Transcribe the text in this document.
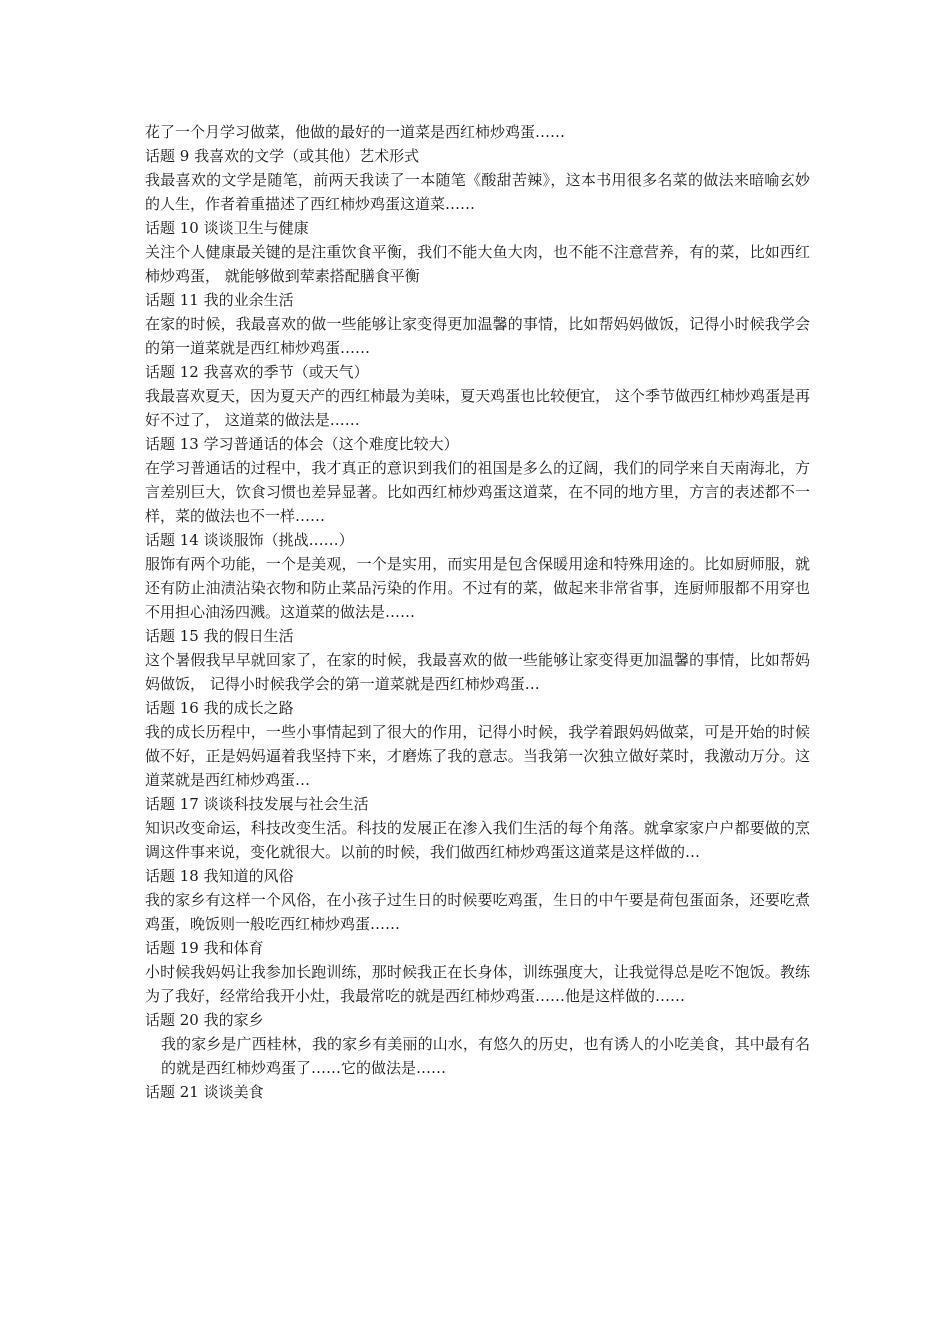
花了一个月学习做菜，他做的最好的一道菜是西红柿炒鸡蛋……

话题 9 我喜欢的文学（或其他）艺术形式

我最喜欢的文学是随笔，前两天我读了一本随笔《酸甜苦辣》，这本书用很多名菜的做法来暗喻玄妙的人生，作者着重描述了西红柿炒鸡蛋这道菜……

话题 10 谈谈卫生与健康

关注个人健康最关键的是注重饮食平衡，我们不能大鱼大肉，也不能不注意营养，有的菜，比如西红柿炒鸡蛋， 就能够做到荤素搭配膳食平衡

话题 11 我的业余生活

在家的时候，我最喜欢的做一些能够让家变得更加温馨的事情，比如帮妈妈做饭，记得小时候我学会的第一道菜就是西红柿炒鸡蛋……

话题 12 我喜欢的季节（或天气）

我最喜欢夏天，因为夏天产的西红柿最为美味，夏天鸡蛋也比较便宜， 这个季节做西红柿炒鸡蛋是再好不过了， 这道菜的做法是……

话题 13 学习普通话的体会（这个难度比较大）

在学习普通话的过程中，我才真正的意识到我们的祖国是多么的辽阔，我们的同学来自天南海北，方言差别巨大，饮食习惯也差异显著。比如西红柿炒鸡蛋这道菜，在不同的地方里，方言的表述都不一样，菜的做法也不一样……

话题 14 谈谈服饰（挑战……）

服饰有两个功能，一个是美观，一个是实用，而实用是包含保暖用途和特殊用途的。比如厨师服，就还有防止油渍沾染衣物和防止菜品污染的作用。不过有的菜，做起来非常省事，连厨师服都不用穿也不用担心油汤四溅。这道菜的做法是……

话题 15 我的假日生活

这个暑假我早早就回家了，在家的时候，我最喜欢的做一些能够让家变得更加温馨的事情，比如帮妈妈做饭， 记得小时候我学会的第一道菜就是西红柿炒鸡蛋…

话题 16 我的成长之路

我的成长历程中，一些小事情起到了很大的作用，记得小时候，我学着跟妈妈做菜，可是开始的时候做不好，正是妈妈逼着我坚持下来，才磨炼了我的意志。当我第一次独立做好菜时，我激动万分。这道菜就是西红柿炒鸡蛋…

话题 17 谈谈科技发展与社会生活

知识改变命运，科技改变生活。科技的发展正在渗入我们生活的每个角落。就拿家家户户都要做的烹调这件事来说，变化就很大。以前的时候，我们做西红柿炒鸡蛋这道菜是这样做的…

话题 18 我知道的风俗

我的家乡有这样一个风俗，在小孩子过生日的时候要吃鸡蛋，生日的中午要是荷包蛋面条，还要吃煮鸡蛋，晚饭则一般吃西红柿炒鸡蛋……

话题 19 我和体育

小时候我妈妈让我参加长跑训练，那时候我正在长身体，训练强度大，让我觉得总是吃不饱饭。教练为了我好，经常给我开小灶，我最常吃的就是西红柿炒鸡蛋……他是这样做的……

话题 20 我的家乡

我的家乡是广西桂林，我的家乡有美丽的山水，有悠久的历史，也有诱人的小吃美食，其中最有名的就是西红柿炒鸡蛋了……它的做法是……

话题 21 谈谈美食
